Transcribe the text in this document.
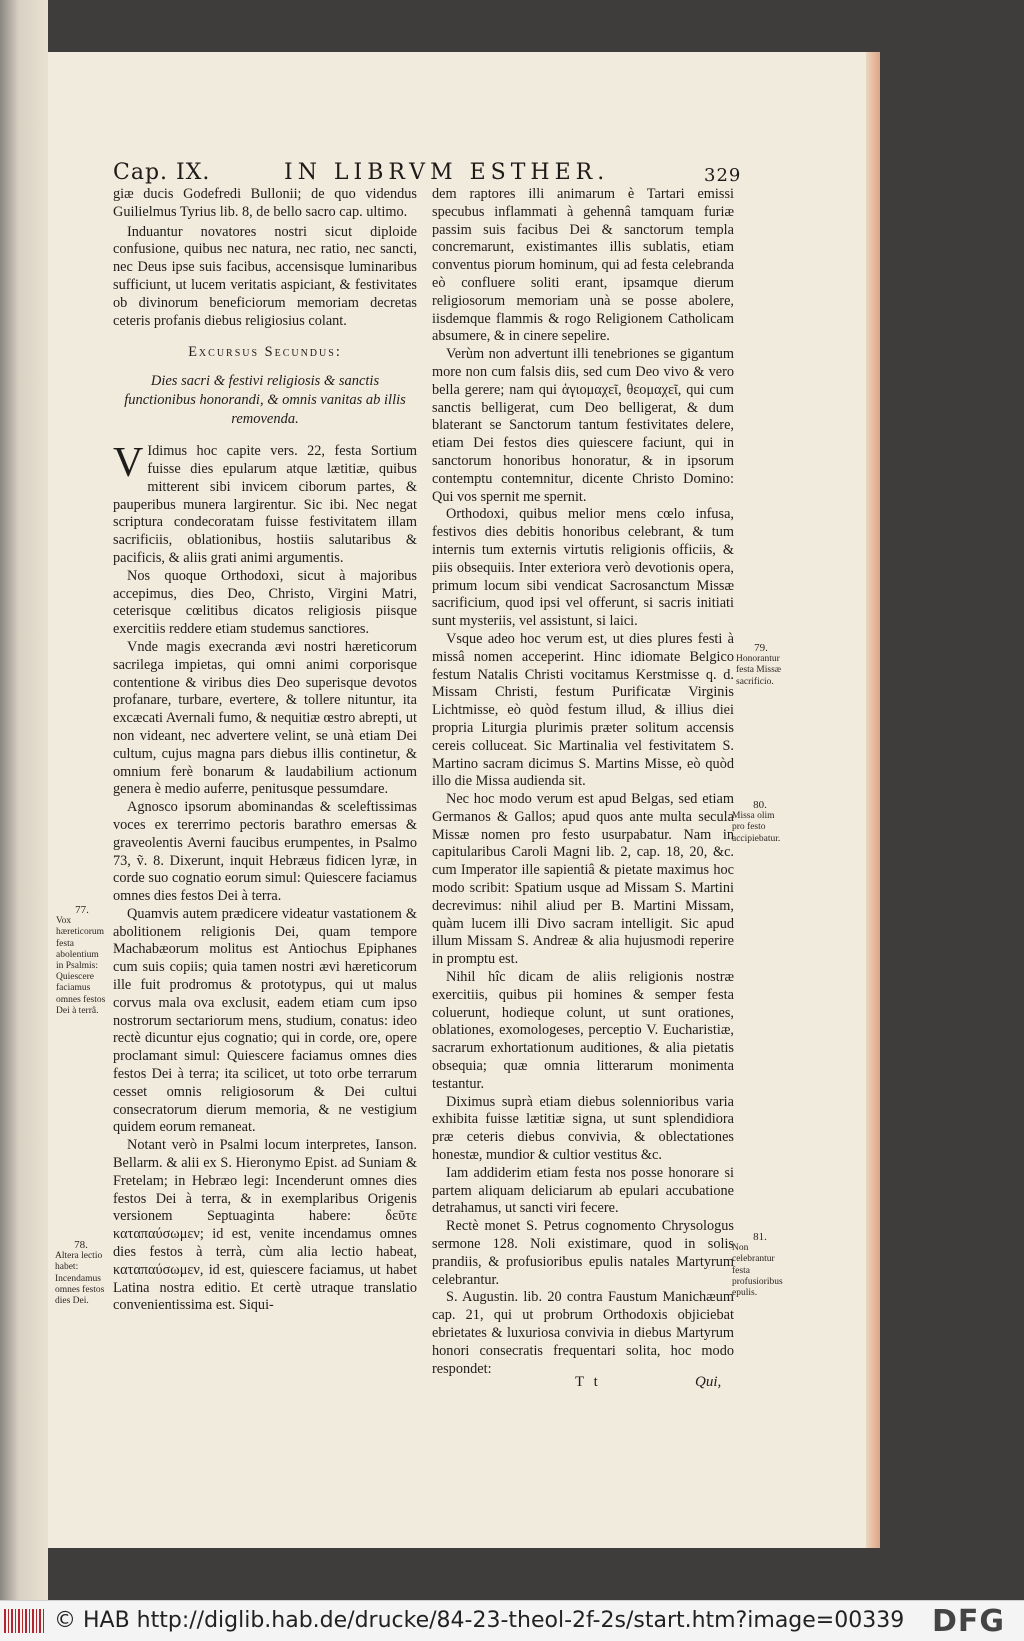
Cap. IX.	IN LIBRVM ESTHER.	329

giæ ducis Godefredi Bullonii; de quo videndus Guilielmus Tyrius lib. 8, de bello sacro cap. ultimo.

Induantur novatores nostri sicut diploide confusione, quibus nec natura, nec ratio, nec sancti, nec Deus ipse suis facibus, accensisque luminaribus sufficiunt, ut lucem veritatis aspiciant, & festivitates ob divinorum beneficiorum memoriam decretas ceteris profanis diebus religiosius colant.

Excursus Secundus:

Dies sacri & festivi religiosis & sanctis functionibus honorandi, & omnis vanitas ab illis removenda.

V Idimus hoc capite vers. 22, festa Sortium fuisse dies epularum atque lætitiæ, quibus mitterent sibi invicem ciborum partes, & pauperibus munera largirentur. Sic ibi. Nec negat scriptura condecoratam fuisse festivitatem illam sacrificiis, oblationibus, hostiis salutaribus & pacificis, & aliis grati animi argumentis.

Nos quoque Orthodoxi, sicut à majoribus accepimus, dies Deo, Christo, Virgini Matri, ceterisque cœlitibus dicatos religiosis piisque exercitiis reddere etiam studemus sanctiores.

Vnde magis execranda ævi nostri hæreticorum sacrilega impietas, qui omni animi corporisque contentione & viribus dies Deo superisque devotos profanare, turbare, evertere, & tollere nituntur, ita excæcati Avernali fumo, & nequitiæ œstro abrepti, ut non videant, nec advertere velint, se unà etiam Dei cultum, cujus magna pars diebus illis continetur, & omnium ferè bonarum & laudabilium actionum genera è medio auferre, penitusque pessumdare.

Agnosco ipsorum abominandas & sceleftissimas voces ex tererrimo pectoris barathro emersas & graveolentis Averni faucibus erumpentes, in Psalmo 73, ṽ. 8. Dixerunt, inquit Hebræus fidicen lyræ, in corde suo cognatio eorum simul: Quiescere faciamus omnes dies festos Dei à terra.

Quamvis autem prædicere videatur vastationem & abolitionem religionis Dei, quam tempore Machabæorum molitus est Antiochus Epiphanes cum suis copiis; quia tamen nostri ævi hæreticorum ille fuit prodromus & prototypus, qui ut malus corvus mala ova exclusit, eadem etiam cum ipso nostrorum sectariorum mens, studium, conatus: ideo rectè dicuntur ejus cognatio; qui in corde, ore, opere proclamant simul: Quiescere faciamus omnes dies festos Dei à terra; ita scilicet, ut toto orbe terrarum cesset omnis religiosorum & Dei cultui consecratorum dierum memoria, & ne vestigium quidem eorum remaneat.

Notant verò in Psalmi locum interpretes, Ianson. Bellarm. & alii ex S. Hieronymo Epist. ad Suniam & Fretelam; in Hebræo legi: Incenderunt omnes dies festos Dei à terra, & in exemplaribus Origenis versionem Septuaginta habere: δεῦτε καταπαύσωμεν; id est, venite incendamus omnes dies festos à terrà, cùm alia lectio habeat, καταπαύσωμεν, id est, quiescere faciamus, ut habet Latina nostra editio. Et certè utraque translatio convenientissima est. Siqui-

dem raptores illi animarum è Tartari emissi specubus inflammati à gehennâ tamquam furiæ passim suis facibus Dei & sanctorum templa concremarunt, existimantes illis sublatis, etiam conventus piorum hominum, qui ad festa celebranda eò confluere soliti erant, ipsamque dierum religiosorum memoriam unà se posse abolere, iisdemque flammis & rogo Religionem Catholicam absumere, & in cinere sepelire.

Verùm non advertunt illi tenebriones se gigantum more non cum falsis diis, sed cum Deo vivo & vero bella gerere; nam qui ἁγιομαχεῖ, θεομαχεῖ, qui cum sanctis belligerat, cum Deo belligerat, & dum blaterant se Sanctorum tantum festivitates delere, etiam Dei festos dies quiescere faciunt, qui in sanctorum honoribus honoratur, & in ipsorum contemptu contemnitur, dicente Christo Domino: Qui vos spernit me spernit.

Orthodoxi, quibus melior mens cœlo infusa, festivos dies debitis honoribus celebrant, & tum internis tum externis virtutis religionis officiis, & piis obsequiis. Inter exteriora verò devotionis opera, primum locum sibi vendicat Sacrosanctum Missæ sacrificium, quod ipsi vel offerunt, si sacris initiati sunt mysteriis, vel assistunt, si laici.

Vsque adeo hoc verum est, ut dies plures festi à missâ nomen acceperint. Hinc idiomate Belgico festum Natalis Christi vocitamus Kerstmisse q. d. Missam Christi, festum Purificatæ Virginis Lichtmisse, eò quòd festum illud, & illius diei propria Liturgia plurimis præter solitum accensis cereis colluceat. Sic Martinalia vel festivitatem S. Martino sacram dicimus S. Martins Misse, eò quòd illo die Missa audienda sit.

Nec hoc modo verum est apud Belgas, sed etiam Germanos & Gallos; apud quos ante multa secula Missæ nomen pro festo usurpabatur. Nam in capitularibus Caroli Magni lib. 2, cap. 18, 20, &c. cum Imperator ille sapientiâ & pietate maximus hoc modo scribit: Spatium usque ad Missam S. Martini decrevimus: nihil aliud per B. Martini Missam, quàm lucem illi Divo sacram intelligit. Sic apud illum Missam S. Andreæ & alia hujusmodi reperire in promptu est.

Nihil hîc dicam de aliis religionis nostræ exercitiis, quibus pii homines & semper festa coluerunt, hodieque colunt, ut sunt orationes, oblationes, exomologeses, perceptio V. Eucharistiæ, sacrarum exhortationum auditiones, & alia pietatis obsequia; quæ omnia litterarum monimenta testantur.

Diximus suprà etiam diebus solennioribus varia exhibita fuisse lætitiæ signa, ut sunt splendidiora præ ceteris diebus convivia, & oblectationes honestæ, mundior & cultior vestitus &c.

Iam addiderim etiam festa nos posse honorare si partem aliquam deliciarum ab epulari accubatione detrahamus, ut sancti viri fecere.

Rectè monet S. Petrus cognomento Chrysologus sermone 128. Noli existimare, quod in solis prandiis, & profusioribus epulis natales Martyrum celebrantur.

S. Augustin. lib. 20 contra Faustum Manichæum cap. 21, qui ut probrum Orthodoxis objiciebat ebrietates & luxuriosa convivia in diebus Martyrum honori consecratis frequentari solita, hoc modo respondet:

77.
Vox hæreticorum festa abolentium in Psalmis: Quiescere faciamus omnes festos Dei à terrâ.
78.
Altera lectio habet: Incendamus omnes festos dies Dei.
79.
Honorantur festa Missæ sacrificio.
80.
Missa olim pro festo accipiebatur.
81.
Non celebrantur festa profusioribus epulis.
T t	Qui,
© HAB http://diglib.hab.de/drucke/84-23-theol-2f-2s/start.htm?image=00339 DFG
